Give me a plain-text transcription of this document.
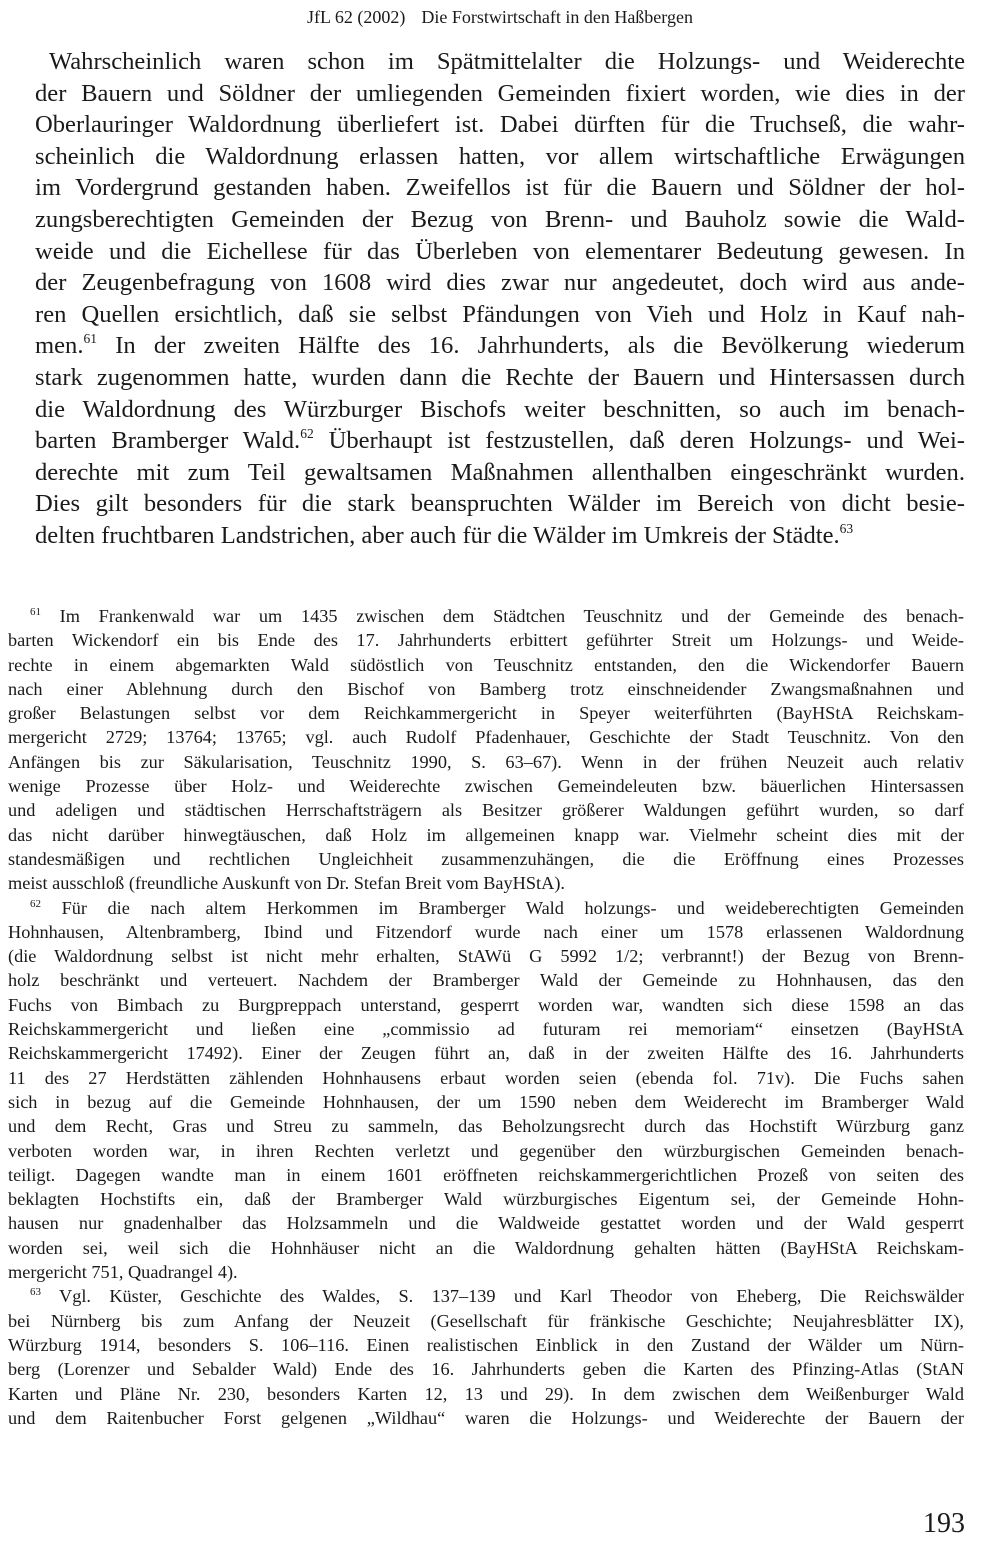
JfL 62 (2002) Die Forstwirtschaft in den Haßbergen
Wahrscheinlich waren schon im Spätmittelalter die Holzungs- und Weiderechte
der Bauern und Söldner der umliegenden Gemeinden fixiert worden, wie dies in der
Oberlauringer Waldordnung überliefert ist. Dabei dürften für die Truchseß, die wahr-
scheinlich die Waldordnung erlassen hatten, vor allem wirtschaftliche Erwägungen
im Vordergrund gestanden haben. Zweifellos ist für die Bauern und Söldner der hol-
zungsberechtigten Gemeinden der Bezug von Brenn- und Bauholz sowie die Wald-
weide und die Eichellese für das Überleben von elementarer Bedeutung gewesen. In
der Zeugenbefragung von 1608 wird dies zwar nur angedeutet, doch wird aus ande-
ren Quellen ersichtlich, daß sie selbst Pfändungen von Vieh und Holz in Kauf nah-
men.$^{61}$ In der zweiten Hälfte des 16. Jahrhunderts, als die Bevölkerung wiederum
stark zugenommen hatte, wurden dann die Rechte der Bauern und Hintersassen durch
die Waldordnung des Würzburger Bischofs weiter beschnitten, so auch im benach-
barten Bramberger Wald.$^{62}$ Überhaupt ist festzustellen, daß deren Holzungs- und Wei-
derechte mit zum Teil gewaltsamen Maßnahmen allenthalben eingeschränkt wurden.
Dies gilt besonders für die stark beanspruchten Wälder im Bereich von dicht besie-
delten fruchtbaren Landstrichen, aber auch für die Wälder im Umkreis der Städte.$^{63}$
$^{61}$ Im Frankenwald war um 1435 zwischen dem Städtchen Teuschnitz und der Gemeinde des benach-
barten Wickendorf ein bis Ende des 17. Jahrhunderts erbittert geführter Streit um Holzungs- und Weide-
rechte in einem abgemarkten Wald südöstlich von Teuschnitz entstanden, den die Wickendorfer Bauern
nach einer Ablehnung durch den Bischof von Bamberg trotz einschneidender Zwangsmaßnahnen und
großer Belastungen selbst vor dem Reichkammergericht in Speyer weiterführten (BayHStA Reichskam-
mergericht 2729; 13764; 13765; vgl. auch Rudolf Pfadenhauer, Geschichte der Stadt Teuschnitz. Von den
Anfängen bis zur Säkularisation, Teuschnitz 1990, S. 63–67). Wenn in der frühen Neuzeit auch relativ
wenige Prozesse über Holz- und Weiderechte zwischen Gemeindeleuten bzw. bäuerlichen Hintersassen
und adeligen und städtischen Herrschaftsträgern als Besitzer größerer Waldungen geführt wurden, so darf
das nicht darüber hinwegtäuschen, daß Holz im allgemeinen knapp war. Vielmehr scheint dies mit der
standesmäßigen und rechtlichen Ungleichheit zusammenzuhängen, die die Eröffnung eines Prozesses
meist ausschloß (freundliche Auskunft von Dr. Stefan Breit vom BayHStA).
$^{62}$ Für die nach altem Herkommen im Bramberger Wald holzungs- und weideberechtigten Gemeinden
Hohnhausen, Altenbramberg, Ibind und Fitzendorf wurde nach einer um 1578 erlassenen Waldordnung
(die Waldordnung selbst ist nicht mehr erhalten, StAWü G 5992 1/2; verbrannt!) der Bezug von Brenn-
holz beschränkt und verteuert. Nachdem der Bramberger Wald der Gemeinde zu Hohnhausen, das den
Fuchs von Bimbach zu Burgpreppach unterstand, gesperrt worden war, wandten sich diese 1598 an das
Reichskammergericht und ließen eine „commissio ad futuram rei memoriam“ einsetzen (BayHStA
Reichskammergericht 17492). Einer der Zeugen führt an, daß in der zweiten Hälfte des 16. Jahrhunderts
11 des 27 Herdstätten zählenden Hohnhausens erbaut worden seien (ebenda fol. 71v). Die Fuchs sahen
sich in bezug auf die Gemeinde Hohnhausen, der um 1590 neben dem Weiderecht im Bramberger Wald
und dem Recht, Gras und Streu zu sammeln, das Beholzungsrecht durch das Hochstift Würzburg ganz
verboten worden war, in ihren Rechten verletzt und gegenüber den würzburgischen Gemeinden benach-
teiligt. Dagegen wandte man in einem 1601 eröffneten reichskammergerichtlichen Prozeß von seiten des
beklagten Hochstifts ein, daß der Bramberger Wald würzburgisches Eigentum sei, der Gemeinde Hohn-
hausen nur gnadenhalber das Holzsammeln und die Waldweide gestattet worden und der Wald gesperrt
worden sei, weil sich die Hohnhäuser nicht an die Waldordnung gehalten hätten (BayHStA Reichskam-
mergericht 751, Quadrangel 4).
$^{63}$ Vgl. Küster, Geschichte des Waldes, S. 137–139 und Karl Theodor von Eheberg, Die Reichswälder
bei Nürnberg bis zum Anfang der Neuzeit (Gesellschaft für fränkische Geschichte; Neujahresblätter IX),
Würzburg 1914, besonders S. 106–116. Einen realistischen Einblick in den Zustand der Wälder um Nürn-
berg (Lorenzer und Sebalder Wald) Ende des 16. Jahrhunderts geben die Karten des Pfinzing-Atlas (StAN
Karten und Pläne Nr. 230, besonders Karten 12, 13 und 29). In dem zwischen dem Weißenburger Wald
und dem Raitenbucher Forst gelgenen „Wildhau“ waren die Holzungs- und Weiderechte der Bauern der
193
